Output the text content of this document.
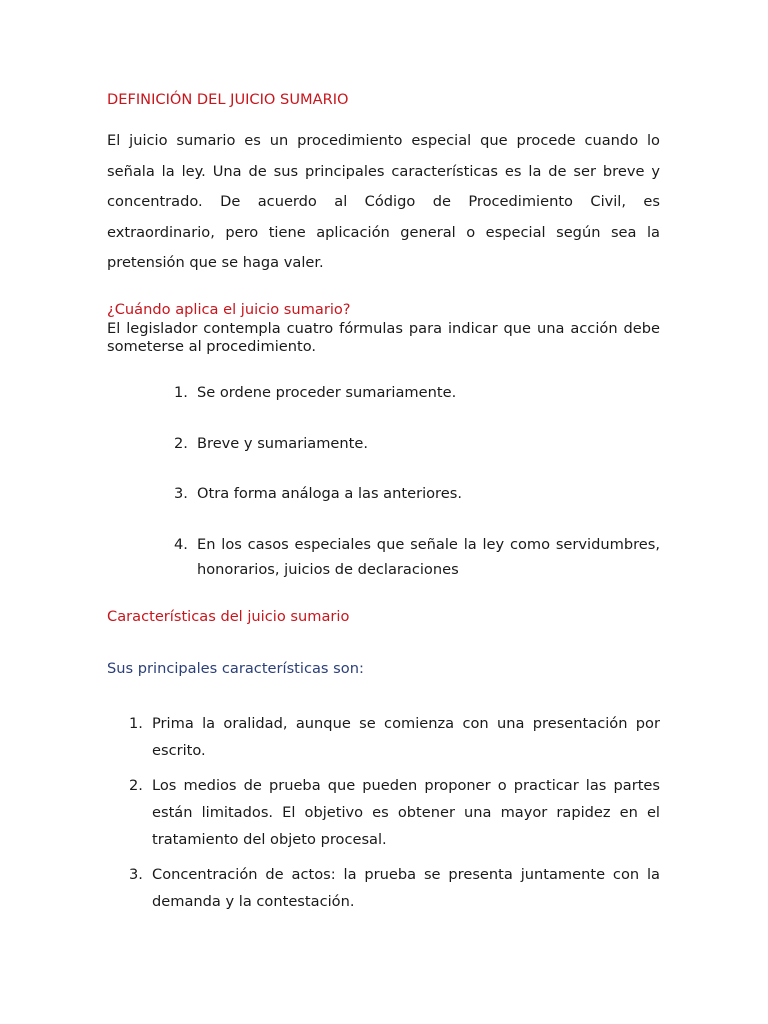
DEFINICIÓN DEL JUICIO SUMARIO

El juicio sumario es un procedimiento especial que procede cuando lo señala la ley. Una de sus principales características es la de ser breve y concentrado. De acuerdo al Código de Procedimiento Civil, es extraordinario, pero tiene aplicación general o especial según sea la pretensión que se haga valer.

¿Cuándo aplica el juicio sumario?

El legislador contempla cuatro fórmulas para indicar que una acción debe someterse al procedimiento.

1. Se ordene proceder sumariamente.
2. Breve y sumariamente.
3. Otra forma análoga a las anteriores.
4. En los casos especiales que señale la ley como servidumbres, honorarios, juicios de declaraciones
Características del juicio sumario
Sus principales características son:
1. Prima la oralidad, aunque se comienza con una presentación por escrito.
2. Los medios de prueba que pueden proponer o practicar las partes están limitados. El objetivo es obtener una mayor rapidez en el tratamiento del objeto procesal.
3. Concentración de actos: la prueba se presenta juntamente con la demanda y la contestación.
